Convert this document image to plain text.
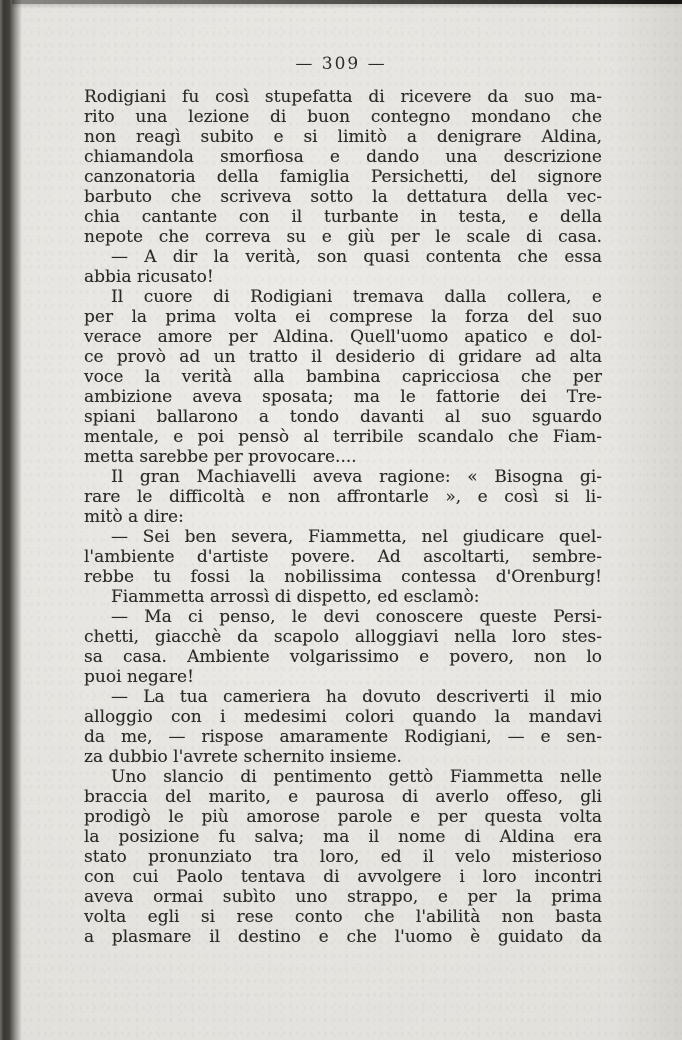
— 309 —
Rodigiani fu così stupefatta di ricevere da suo ma-
rito una lezione di buon contegno mondano che
non reagì subito e si limitò a denigrare Aldina,
chiamandola smorfiosa e dando una descrizione
canzonatoria della famiglia Persichetti, del signore
barbuto che scriveva sotto la dettatura della vec-
chia cantante con il turbante in testa, e della
nepote che correva su e giù per le scale di casa.
— A dir la verità, son quasi contenta che essa
abbia ricusato!
Il cuore di Rodigiani tremava dalla collera, e
per la prima volta ei comprese la forza del suo
verace amore per Aldina. Quell'uomo apatico e dol-
ce provò ad un tratto il desiderio di gridare ad alta
voce la verità alla bambina capricciosa che per
ambizione aveva sposata; ma le fattorie dei Tre-
spiani ballarono a tondo davanti al suo sguardo
mentale, e poi pensò al terribile scandalo che Fiam-
metta sarebbe per provocare....
Il gran Machiavelli aveva ragione: « Bisogna gi-
rare le difficoltà e non affrontarle », e così si li-
mitò a dire:
— Sei ben severa, Fiammetta, nel giudicare quel-
l'ambiente d'artiste povere. Ad ascoltarti, sembre-
rebbe tu fossi la nobilissima contessa d'Orenburg!
Fiammetta arrossì di dispetto, ed esclamò:
— Ma ci penso, le devi conoscere queste Persi-
chetti, giacchè da scapolo alloggiavi nella loro stes-
sa casa. Ambiente volgarissimo e povero, non lo
puoi negare!
— La tua cameriera ha dovuto descriverti il mio
alloggio con i medesimi colori quando la mandavi
da me, — rispose amaramente Rodigiani, — e sen-
za dubbio l'avrete schernito insieme.
Uno slancio di pentimento gettò Fiammetta nelle
braccia del marito, e paurosa di averlo offeso, gli
prodigò le più amorose parole e per questa volta
la posizione fu salva; ma il nome di Aldina era
stato pronunziato tra loro, ed il velo misterioso
con cui Paolo tentava di avvolgere i loro incontri
aveva ormai subìto uno strappo, e per la prima
volta egli si rese conto che l'abilità non basta
a plasmare il destino e che l'uomo è guidato da
